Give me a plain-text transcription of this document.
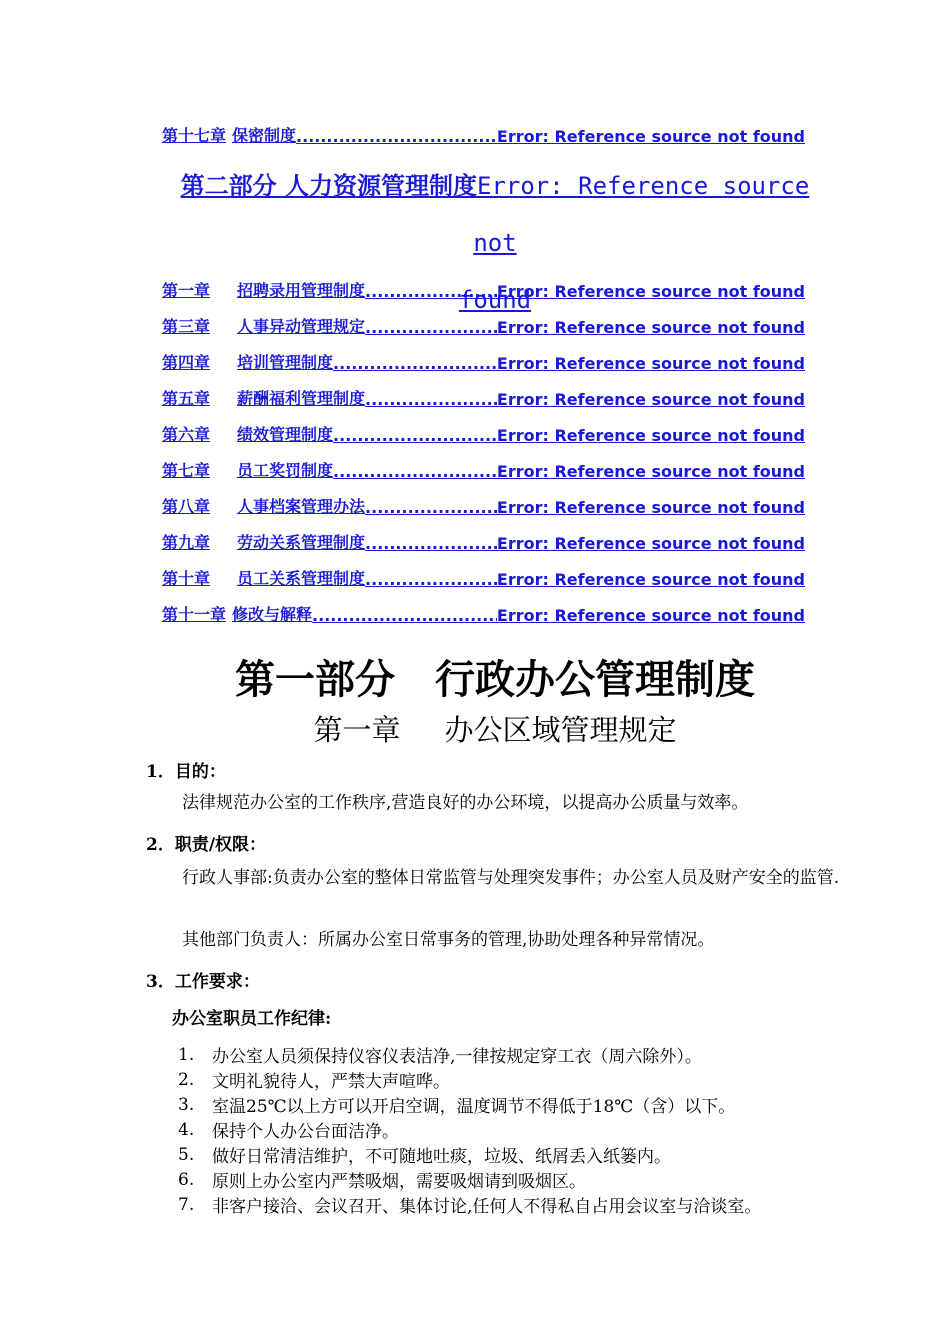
第十七章 保密制度 .....	Error: Reference source not found
第二部分 人力资源管理制度Error: Reference source not
found
第一章 招聘录用管理制度 .....	Error: Reference source not found
第三章 人事异动管理规定 .....	Error: Reference source not found
第四章 培训管理制度 .....	Error: Reference source not found
第五章 薪酬福利管理制度 .....	Error: Reference source not found
第六章 绩效管理制度 .....	Error: Reference source not found
第七章 员工奖罚制度 .....	Error: Reference source not found
第八章 人事档案管理办法 .....	Error: Reference source not found
第九章 劳动关系管理制度 .....	Error: Reference source not found
第十章 员工关系管理制度 .....	Error: Reference source not found
第十一章 修改与解释 .....	Error: Reference source not found
第一部分　行政办公管理制度
第一章 办公区域管理规定
1．目的：
法律规范办公室的工作秩序,营造良好的办公环境，以提高办公质量与效率。
2．职责/权限：
行政人事部:负责办公室的整体日常监管与处理突发事件；办公室人员及财产安全的监管.
其他部门负责人：所属办公室日常事务的管理,协助处理各种异常情况。
3．工作要求：
办公室职员工作纪律:
1.	办公室人员须保持仪容仪表洁净,一律按规定穿工衣（周六除外）。
2.	文明礼貌待人，严禁大声喧哗。
3.	室温25℃以上方可以开启空调，温度调节不得低于18℃（含）以下。
4.	保持个人办公台面洁净。
5.	做好日常清洁维护，不可随地吐痰，垃圾、纸屑丢入纸篓内。
6.	原则上办公室内严禁吸烟，需要吸烟请到吸烟区。
7.	非客户接洽、会议召开、集体讨论,任何人不得私自占用会议室与洽谈室。
